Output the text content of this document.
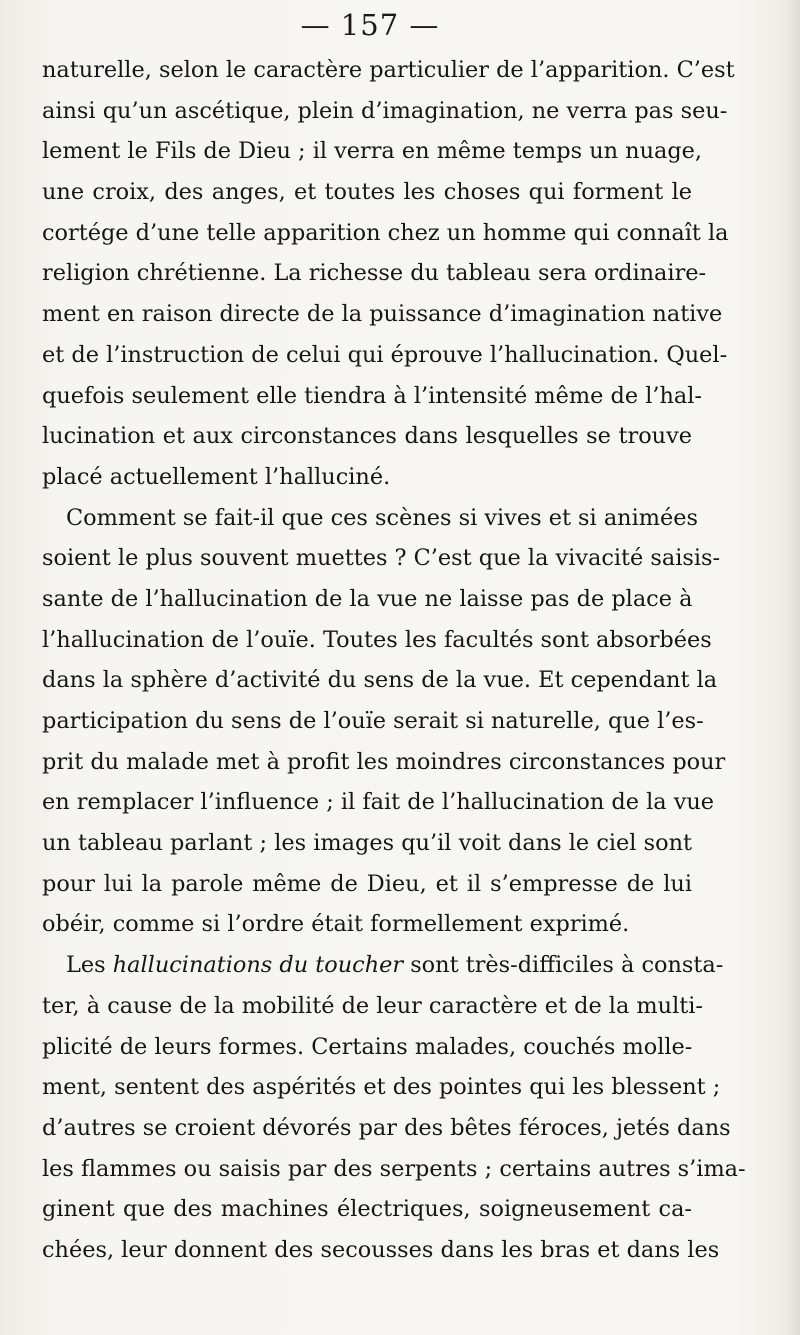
— 157 —
naturelle, selon le caractère particulier de l’apparition. C’est
ainsi qu’un ascétique, plein d’imagination, ne verra pas seu-
lement le Fils de Dieu ; il verra en même temps un nuage,
une croix, des anges, et toutes les choses qui forment le
cortége d’une telle apparition chez un homme qui connaît la
religion chrétienne. La richesse du tableau sera ordinaire-
ment en raison directe de la puissance d’imagination native
et de l’instruction de celui qui éprouve l’hallucination. Quel-
quefois seulement elle tiendra à l’intensité même de l’hal-
lucination et aux circonstances dans lesquelles se trouve
placé actuellement l’halluciné.
Comment se fait-il que ces scènes si vives et si animées
soient le plus souvent muettes ? C’est que la vivacité saisis-
sante de l’hallucination de la vue ne laisse pas de place à
l’hallucination de l’ouïe. Toutes les facultés sont absorbées
dans la sphère d’activité du sens de la vue. Et cependant la
participation du sens de l’ouïe serait si naturelle, que l’es-
prit du malade met à profit les moindres circonstances pour
en remplacer l’influence ; il fait de l’hallucination de la vue
un tableau parlant ; les images qu’il voit dans le ciel sont
pour lui la parole même de Dieu, et il s’empresse de lui
obéir, comme si l’ordre était formellement exprimé.
Les hallucinations du toucher sont très-difficiles à consta-
ter, à cause de la mobilité de leur caractère et de la multi-
plicité de leurs formes. Certains malades, couchés molle-
ment, sentent des aspérités et des pointes qui les blessent ;
d’autres se croient dévorés par des bêtes féroces, jetés dans
les flammes ou saisis par des serpents ; certains autres s’ima-
ginent que des machines électriques, soigneusement ca-
chées, leur donnent des secousses dans les bras et dans les
